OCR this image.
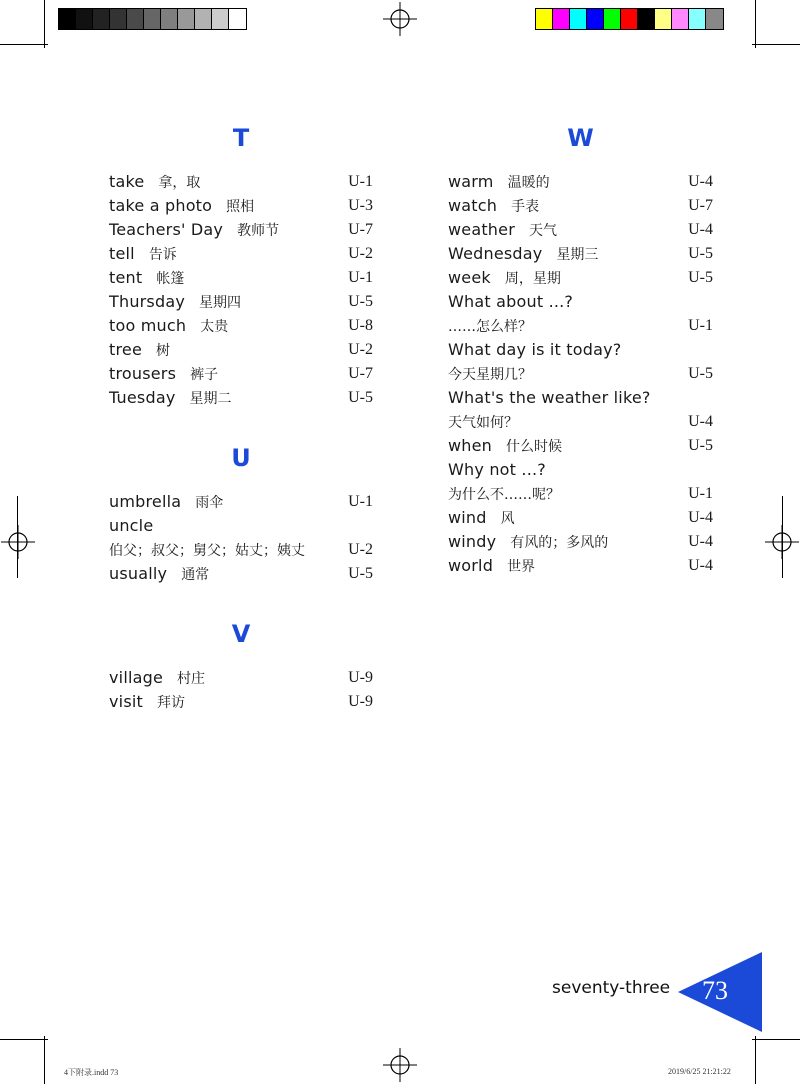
T
take 拿，取	U-1
take a photo 照相	U-3
Teachers' Day 教师节	U-7
tell 告诉	U-2
tent 帐篷	U-1
Thursday 星期四	U-5
too much 太贵	U-8
tree 树	U-2
trousers 裤子	U-7
Tuesday 星期二	U-5
U
umbrella 雨伞	U-1
uncle
伯父；叔父；舅父；姑丈；姨丈	U-2
usually 通常	U-5
V
village 村庄	U-9
visit 拜访	U-9
W
warm 温暖的	U-4
watch 手表	U-7
weather 天气	U-4
Wednesday 星期三	U-5
week 周，星期	U-5
What about ...?
……怎么样？	U-1
What day is it today?
今天星期几？	U-5
What's the weather like?
天气如何？	U-4
when 什么时候	U-5
Why not ...?
为什么不……呢？	U-1
wind 风	U-4
windy 有风的；多风的	U-4
world 世界	U-4
seventy-three 73
4下附录.indd 73	2019/6/25 21:21:22
